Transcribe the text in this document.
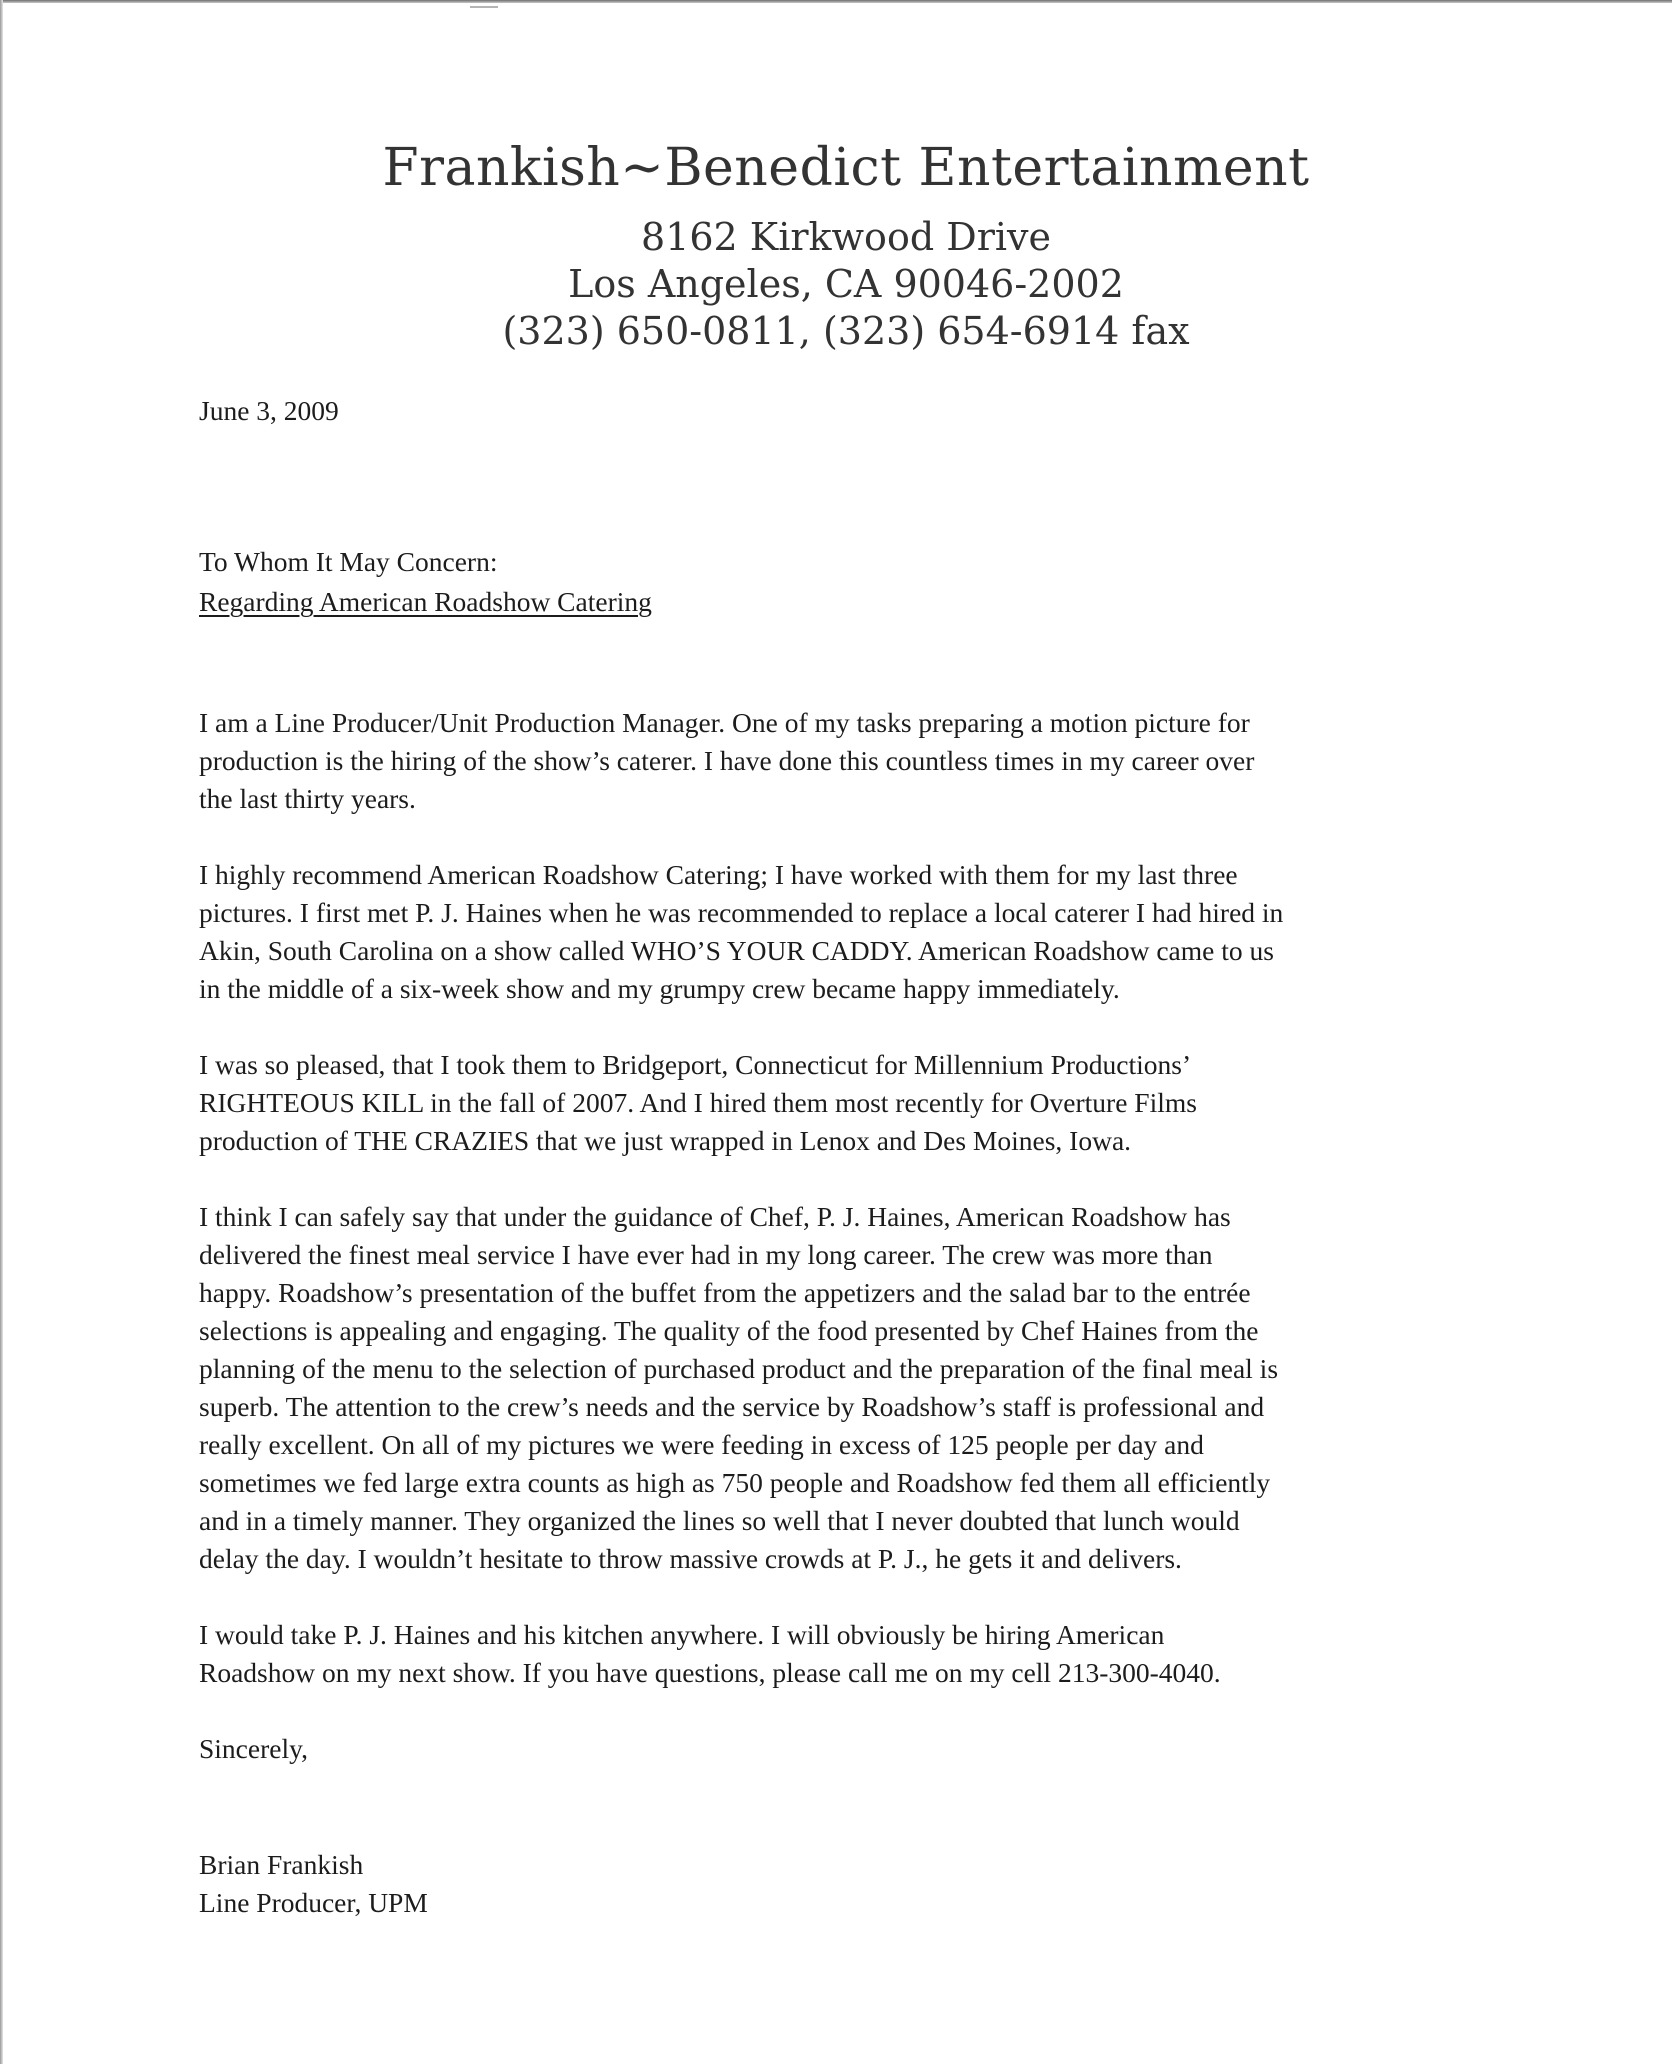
Frankish~Benedict Entertainment
8162 Kirkwood Drive
Los Angeles, CA 90046-2002
(323) 650-0811, (323) 654-6914 fax
June 3, 2009
To Whom It May Concern:
Regarding American Roadshow Catering
I am a Line Producer/Unit Production Manager. One of my tasks preparing a motion picture for
production is the hiring of the show’s caterer. I have done this countless times in my career over
the last thirty years.
I highly recommend American Roadshow Catering; I have worked with them for my last three
pictures. I first met P. J. Haines when he was recommended to replace a local caterer I had hired in
Akin, South Carolina on a show called WHO’S YOUR CADDY. American Roadshow came to us
in the middle of a six-week show and my grumpy crew became happy immediately.
I was so pleased, that I took them to Bridgeport, Connecticut for Millennium Productions’
RIGHTEOUS KILL in the fall of 2007. And I hired them most recently for Overture Films
production of THE CRAZIES that we just wrapped in Lenox and Des Moines, Iowa.
I think I can safely say that under the guidance of Chef, P. J. Haines, American Roadshow has
delivered the finest meal service I have ever had in my long career. The crew was more than
happy. Roadshow’s presentation of the buffet from the appetizers and the salad bar to the entrée
selections is appealing and engaging. The quality of the food presented by Chef Haines from the
planning of the menu to the selection of purchased product and the preparation of the final meal is
superb. The attention to the crew’s needs and the service by Roadshow’s staff is professional and
really excellent. On all of my pictures we were feeding in excess of 125 people per day and
sometimes we fed large extra counts as high as 750 people and Roadshow fed them all efficiently
and in a timely manner. They organized the lines so well that I never doubted that lunch would
delay the day. I wouldn’t hesitate to throw massive crowds at P. J., he gets it and delivers.
I would take P. J. Haines and his kitchen anywhere. I will obviously be hiring American
Roadshow on my next show. If you have questions, please call me on my cell 213-300-4040.
Sincerely,
Brian Frankish
Line Producer, UPM
